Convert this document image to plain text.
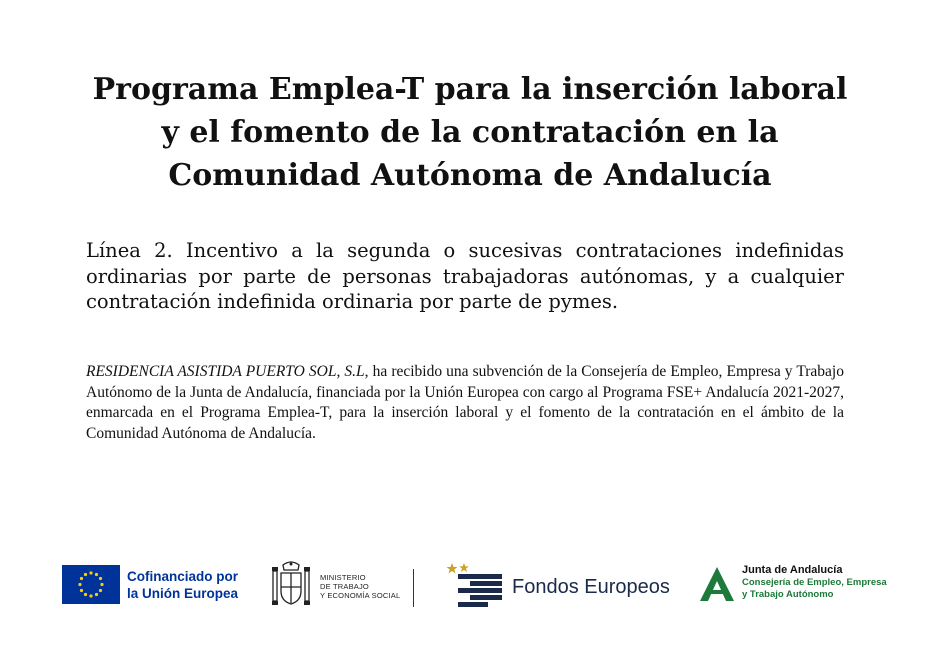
Programa Emplea-T para la inserción laboral y el fomento de la contratación en la Comunidad Autónoma de Andalucía

Línea 2. Incentivo a la segunda o sucesivas contrataciones indefinidas ordinarias por parte de personas trabajadoras autónomas, y a cualquier contratación indefinida ordinaria por parte de pymes.

RESIDENCIA ASISTIDA PUERTO SOL, S.L, ha recibido una subvención de la Consejería de Empleo, Empresa y Trabajo Autónomo de la Junta de Andalucía, financiada por la Unión Europea con cargo al Programa FSE+ Andalucía 2021-2027, enmarcada en el Programa Emplea-T, para la inserción laboral y el fomento de la contratación en el ámbito de la Comunidad Autónoma de Andalucía.

Cofinanciado por
la Unión Europea
MINISTERIO
DE TRABAJO
Y ECONOMÍA SOCIAL	Fondos Europeos
Junta de Andalucía
Consejería de Empleo, Empresa
y Trabajo Autónomo
